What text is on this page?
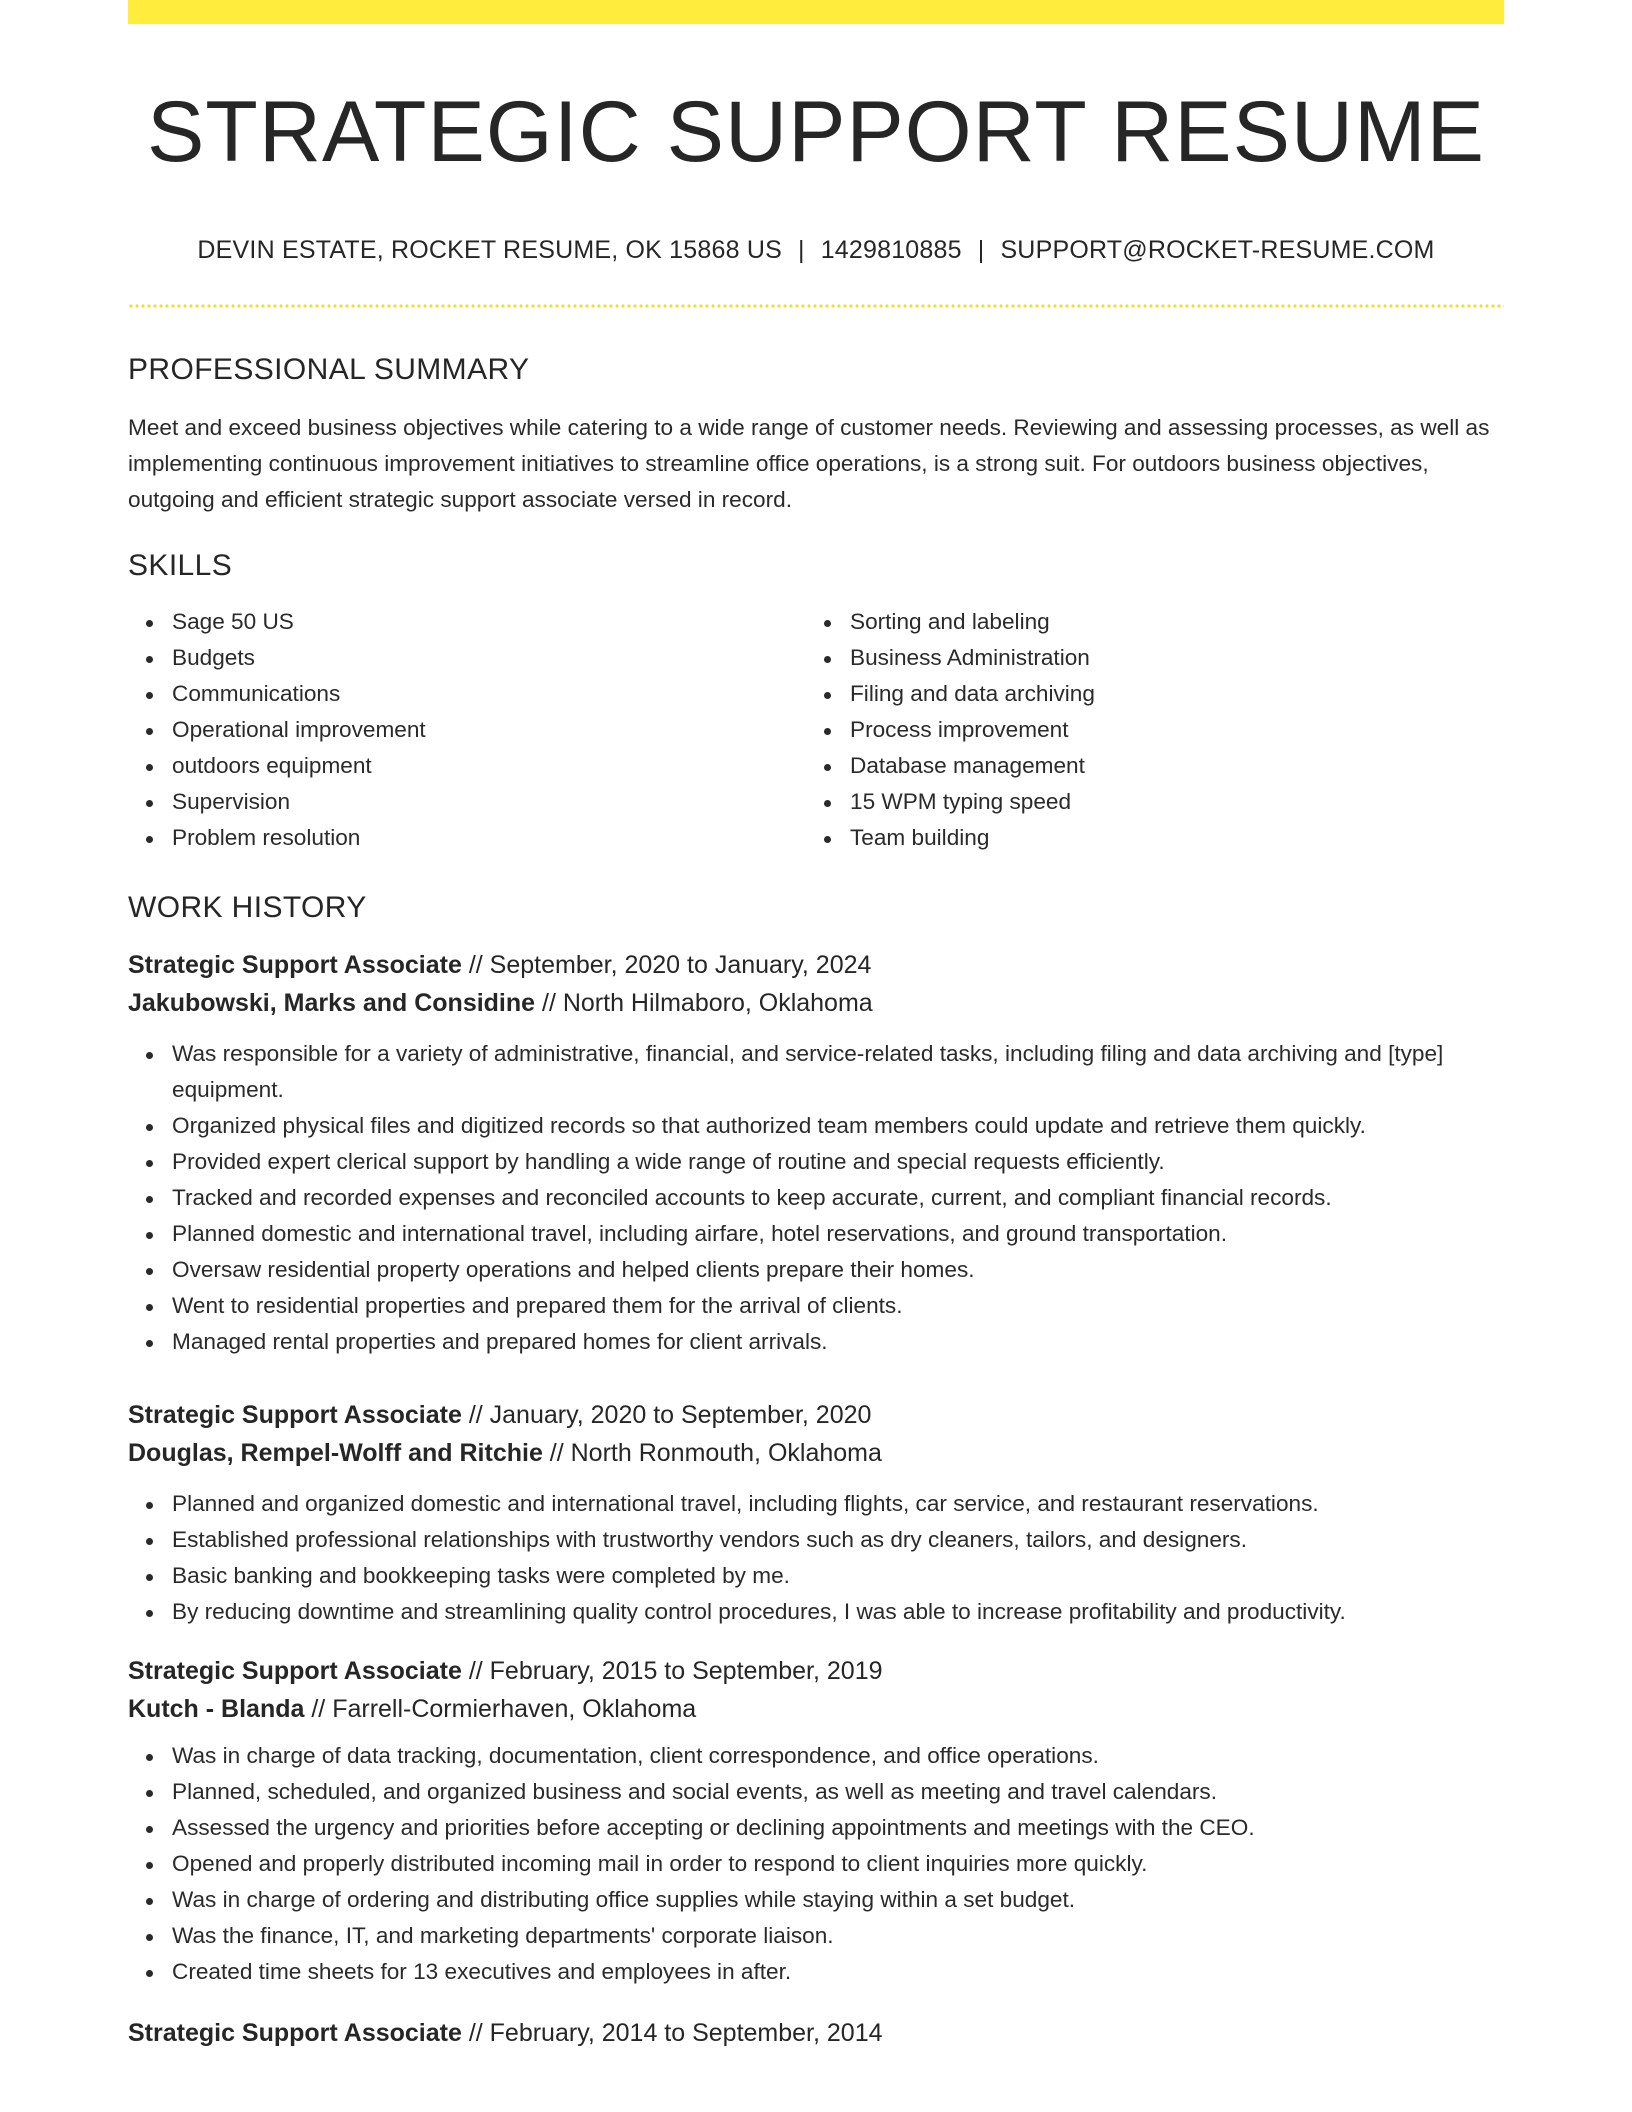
STRATEGIC SUPPORT RESUME
DEVIN ESTATE, ROCKET RESUME, OK 15868 US | 1429810885 | SUPPORT@ROCKET-RESUME.COM
PROFESSIONAL SUMMARY

Meet and exceed business objectives while catering to a wide range of customer needs. Reviewing and assessing processes, as well as implementing continuous improvement initiatives to streamline office operations, is a strong suit. For outdoors business objectives, outgoing and efficient strategic support associate versed in record.

SKILLS
Sage 50 US
Budgets
Communications
Operational improvement
outdoors equipment
Supervision
Problem resolution
Sorting and labeling
Business Administration
Filing and data archiving
Process improvement
Database management
15 WPM typing speed
Team building
WORK HISTORY
Strategic Support Associate // September, 2020 to January, 2024
Jakubowski, Marks and Considine // North Hilmaboro, Oklahoma
Was responsible for a variety of administrative, financial, and service-related tasks, including filing and data archiving and [type] equipment.
Organized physical files and digitized records so that authorized team members could update and retrieve them quickly.
Provided expert clerical support by handling a wide range of routine and special requests efficiently.
Tracked and recorded expenses and reconciled accounts to keep accurate, current, and compliant financial records.
Planned domestic and international travel, including airfare, hotel reservations, and ground transportation.
Oversaw residential property operations and helped clients prepare their homes.
Went to residential properties and prepared them for the arrival of clients.
Managed rental properties and prepared homes for client arrivals.
Strategic Support Associate // January, 2020 to September, 2020
Douglas, Rempel-Wolff and Ritchie // North Ronmouth, Oklahoma
Planned and organized domestic and international travel, including flights, car service, and restaurant reservations.
Established professional relationships with trustworthy vendors such as dry cleaners, tailors, and designers.
Basic banking and bookkeeping tasks were completed by me.
By reducing downtime and streamlining quality control procedures, I was able to increase profitability and productivity.
Strategic Support Associate // February, 2015 to September, 2019
Kutch - Blanda // Farrell-Cormierhaven, Oklahoma
Was in charge of data tracking, documentation, client correspondence, and office operations.
Planned, scheduled, and organized business and social events, as well as meeting and travel calendars.
Assessed the urgency and priorities before accepting or declining appointments and meetings with the CEO.
Opened and properly distributed incoming mail in order to respond to client inquiries more quickly.
Was in charge of ordering and distributing office supplies while staying within a set budget.
Was the finance, IT, and marketing departments' corporate liaison.
Created time sheets for 13 executives and employees in after.
Strategic Support Associate // February, 2014 to September, 2014
